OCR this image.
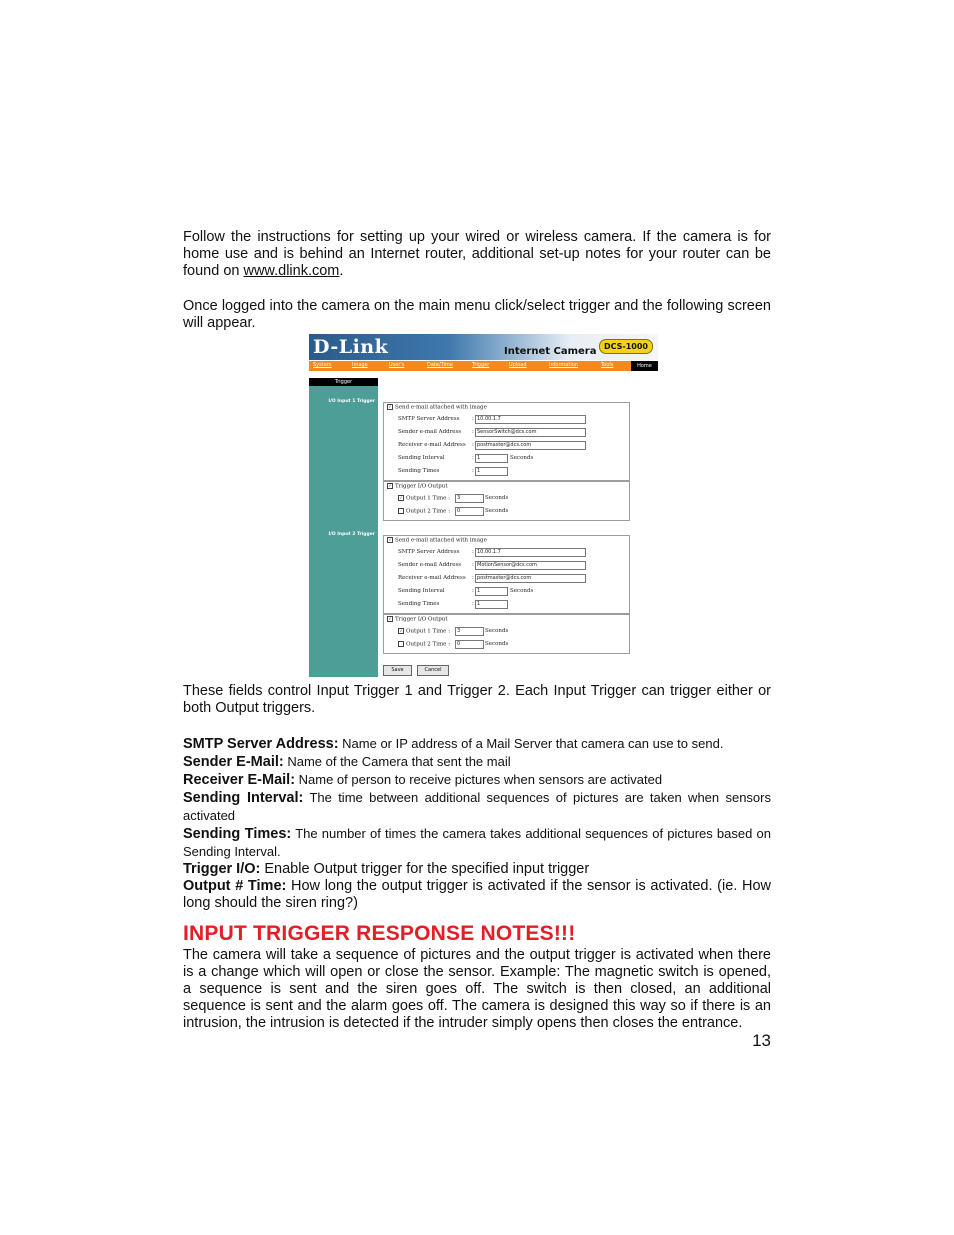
Follow the instructions for setting up your wired or wireless camera. If the camera is for home use and is behind an Internet router, additional set-up notes for your router can be found on www.dlink.com.
Once logged into the camera on the main menu click/select trigger and the following screen will appear.
D-Link	Internet Camera DCS-1000
System	Image	User's	Date/Time	Trigger	Upload	Information	Tools	Home
Trigger
I/O Input 1 Trigger
I/O Input 2 Trigger
✓ Send e-mail attached with image
SMTP Server Address : 10.00.1.7
Sender e-mail Address : SensorSwitch@dcs.com
Receiver e-mail Address : postmaster@dcs.com
Sending Interval	: 1	Seconds
Sending Times	: 1
✓ Trigger I/O Output
✓ Output 1 Time :	3	Seconds
Output 2 Time :	0	Seconds
✓ Send e-mail attached with image
SMTP Server Address : 10.00.1.7
Sender e-mail Address : MotionSensor@dcs.com
Receiver e-mail Address : postmaster@dcs.com
Sending Interval	: 1	Seconds
Sending Times	: 1
✓ Trigger I/O Output
✓ Output 1 Time :	3	Seconds
Output 2 Time :	0	Seconds
Save	Cancel
These fields control Input Trigger 1 and Trigger 2. Each Input Trigger can trigger either or both Output triggers.
SMTP Server Address: Name or IP address of a Mail Server that camera can use to send.
Sender E-Mail: Name of the Camera that sent the mail
Receiver E-Mail: Name of person to receive pictures when sensors are activated
Sending Interval: The time between additional sequences of pictures are taken when sensors activated
Sending Times: The number of times the camera takes additional sequences of pictures based on Sending Interval.
Trigger I/O: Enable Output trigger for the specified input trigger
Output # Time: How long the output trigger is activated if the sensor is activated. (ie. How long should the siren ring?)
INPUT TRIGGER RESPONSE NOTES!!!
The camera will take a sequence of pictures and the output trigger is activated when there is a change which will open or close the sensor. Example: The magnetic switch is opened, a sequence is sent and the siren goes off. The switch is then closed, an additional sequence is sent and the alarm goes off. The camera is designed this way so if there is an intrusion, the intrusion is detected if the intruder simply opens then closes the entrance.
13
